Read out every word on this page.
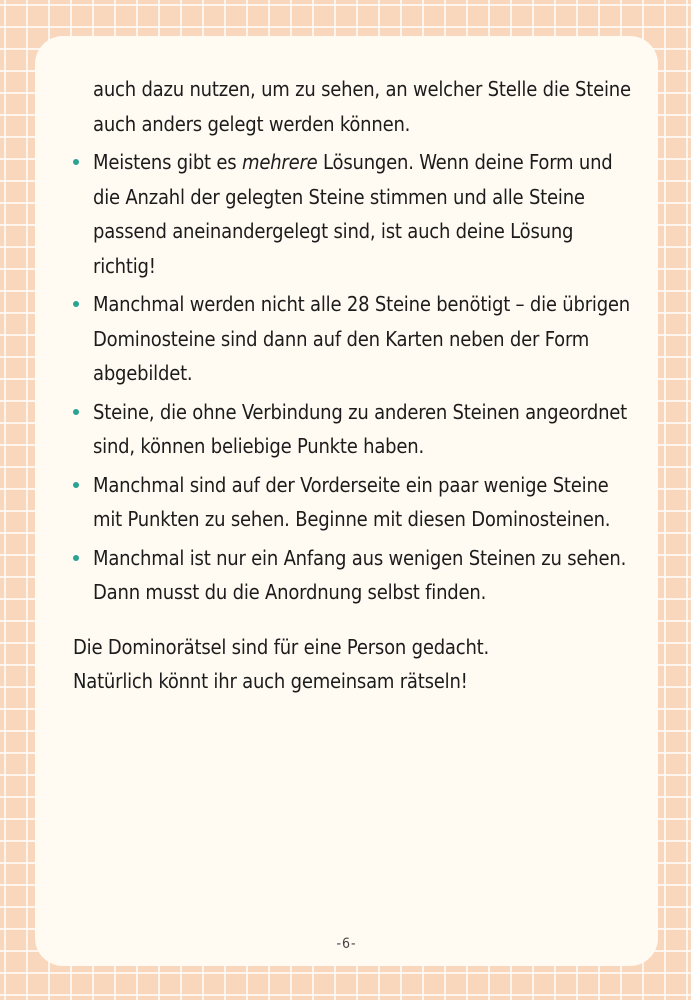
auch dazu nutzen, um zu sehen, an welcher Stelle die Steine auch anders gelegt werden können.

Meistens gibt es mehrere Lösungen. Wenn deine Form und die Anzahl der gelegten Steine stimmen und alle Steine passend aneinandergelegt sind, ist auch deine Lösung richtig!
Manchmal werden nicht alle 28 Steine benötigt – die übrigen Dominosteine sind dann auf den Karten neben der Form abgebildet.
Steine, die ohne Verbindung zu anderen Steinen angeordnet sind, können beliebige Punkte haben.
Manchmal sind auf der Vorderseite ein paar wenige Steine mit Punkten zu sehen. Beginne mit diesen Dominosteinen.
Manchmal ist nur ein Anfang aus wenigen Steinen zu sehen. Dann musst du die Anordnung selbst finden.

Die Dominorätsel sind für eine Person gedacht.
Natürlich könnt ihr auch gemeinsam rätseln!

-6-
